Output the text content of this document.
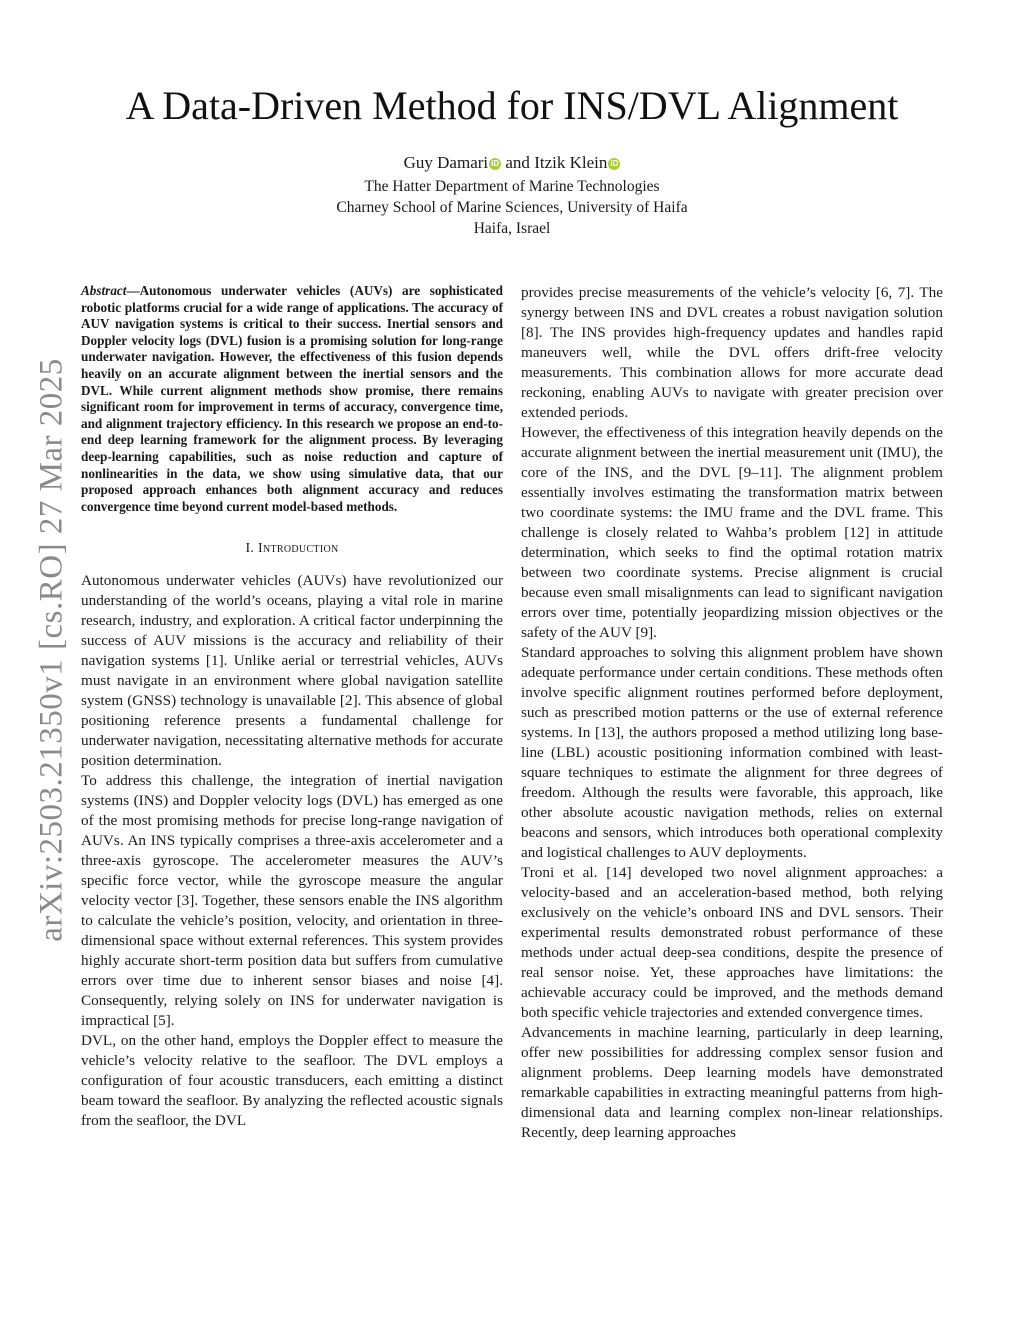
arXiv:2503.21350v1 [cs.RO] 27 Mar 2025
A Data-Driven Method for INS/DVL Alignment
Guy Damari iD and Itzik Klein iD
The Hatter Department of Marine Technologies
Charney School of Marine Sciences, University of Haifa
Haifa, Israel

Abstract—Autonomous underwater vehicles (AUVs) are sophisticated robotic platforms crucial for a wide range of applications. The accuracy of AUV navigation systems is critical to their success. Inertial sensors and Doppler velocity logs (DVL) fusion is a promising solution for long-range underwater navigation. However, the effectiveness of this fusion depends heavily on an accurate alignment between the inertial sensors and the DVL. While current alignment methods show promise, there remains significant room for improvement in terms of accuracy, convergence time, and alignment trajectory efficiency. In this research we propose an end-to-end deep learning framework for the alignment process. By leveraging deep-learning capabilities, such as noise reduction and capture of nonlinearities in the data, we show using simulative data, that our proposed approach enhances both alignment accuracy and reduces convergence time beyond current model-based methods.

I. Introduction

Autonomous underwater vehicles (AUVs) have revolutionized our understanding of the world’s oceans, playing a vital role in marine research, industry, and exploration. A critical factor underpinning the success of AUV missions is the accuracy and reliability of their navigation systems [1]. Unlike aerial or terrestrial vehicles, AUVs must navigate in an environment where global navigation satellite system (GNSS) technology is unavailable [2]. This absence of global positioning reference presents a fundamental challenge for underwater navigation, necessitating alternative methods for accurate position determination.

To address this challenge, the integration of inertial navigation systems (INS) and Doppler velocity logs (DVL) has emerged as one of the most promising methods for precise long-range navigation of AUVs. An INS typically comprises a three-axis accelerometer and a three-axis gyroscope. The accelerometer measures the AUV’s specific force vector, while the gyroscope measure the angular velocity vector [3]. Together, these sensors enable the INS algorithm to calculate the vehicle’s position, velocity, and orientation in three-dimensional space without external references. This system provides highly accurate short-term position data but suffers from cumulative errors over time due to inherent sensor biases and noise [4]. Consequently, relying solely on INS for underwater navigation is impractical [5].

DVL, on the other hand, employs the Doppler effect to measure the vehicle’s velocity relative to the seafloor. The DVL employs a configuration of four acoustic transducers, each emitting a distinct beam toward the seafloor. By analyzing the reflected acoustic signals from the seafloor, the DVL

provides precise measurements of the vehicle’s velocity [6, 7]. The synergy between INS and DVL creates a robust navigation solution [8]. The INS provides high-frequency updates and handles rapid maneuvers well, while the DVL offers drift-free velocity measurements. This combination allows for more accurate dead reckoning, enabling AUVs to navigate with greater precision over extended periods.

However, the effectiveness of this integration heavily depends on the accurate alignment between the inertial measurement unit (IMU), the core of the INS, and the DVL [9–11]. The alignment problem essentially involves estimating the transformation matrix between two coordinate systems: the IMU frame and the DVL frame. This challenge is closely related to Wahba’s problem [12] in attitude determination, which seeks to find the optimal rotation matrix between two coordinate systems. Precise alignment is crucial because even small misalignments can lead to significant navigation errors over time, potentially jeopardizing mission objectives or the safety of the AUV [9].

Standard approaches to solving this alignment problem have shown adequate performance under certain conditions. These methods often involve specific alignment routines performed before deployment, such as prescribed motion patterns or the use of external reference systems. In [13], the authors proposed a method utilizing long base-line (LBL) acoustic positioning information combined with least-square techniques to estimate the alignment for three degrees of freedom. Although the results were favorable, this approach, like other absolute acoustic navigation methods, relies on external beacons and sensors, which introduces both operational complexity and logistical challenges to AUV deployments.

Troni et al. [14] developed two novel alignment approaches: a velocity-based and an acceleration-based method, both relying exclusively on the vehicle’s onboard INS and DVL sensors. Their experimental results demonstrated robust performance of these methods under actual deep-sea conditions, despite the presence of real sensor noise. Yet, these approaches have limitations: the achievable accuracy could be improved, and the methods demand both specific vehicle trajectories and extended convergence times.

Advancements in machine learning, particularly in deep learning, offer new possibilities for addressing complex sensor fusion and alignment problems. Deep learning models have demonstrated remarkable capabilities in extracting meaningful patterns from high-dimensional data and learning complex non-linear relationships. Recently, deep learning approaches
